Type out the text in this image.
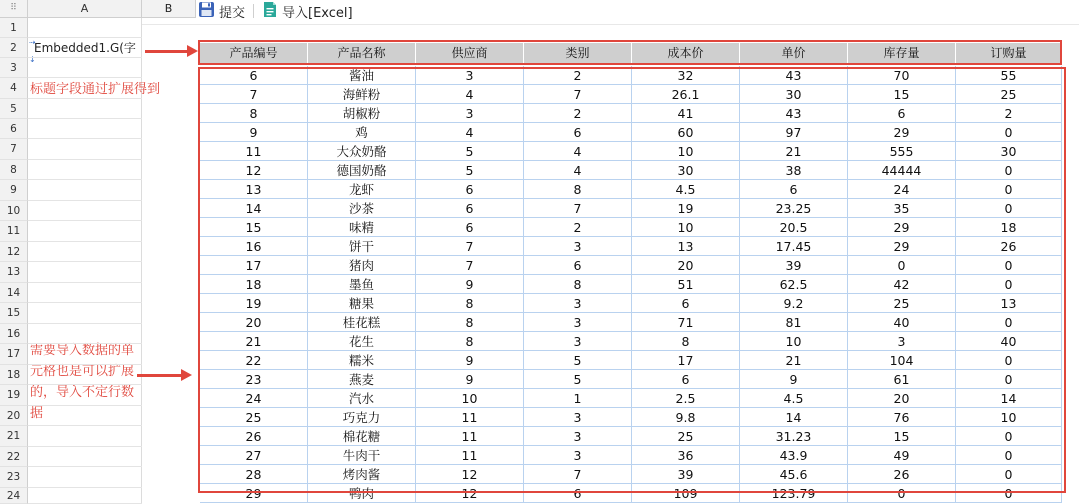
⠿	A
⇢
Embedded1.G(字
↓
标题字段通过扩展得到
需要导入数据的单元格也是可以扩展的，导入不定行数据
B	提交	导入[Excel]
产品编号	产品名称	供应商	类别	成本价	单价	库存量	订购量
6	酱油	3	2	32	43	70	55
7	海鲜粉	4	7	26.1	30	15	25
8	胡椒粉	3	2	41	43	6	2
9	鸡	4	6	60	97	29	0
11	大众奶酪	5	4	10	21	555	30
12	德国奶酪	5	4	30	38	44444	0
13	龙虾	6	8	4.5	6	24	0
14	沙茶	6	7	19	23.25	35	0
15	味精	6	2	10	20.5	29	18
16	饼干	7	3	13	17.45	29	26
17	猪肉	7	6	20	39	0	0
18	墨鱼	9	8	51	62.5	42	0
19	糖果	8	3	6	9.2	25	13
20	桂花糕	8	3	71	81	40	0
21	花生	8	3	8	10	3	40
22	糯米	9	5	17	21	104	0
23	燕麦	9	5	6	9	61	0
24	汽水	10	1	2.5	4.5	20	14
25	巧克力	11	3	9.8	14	76	10
26	棉花糖	11	3	25	31.23	15	0
27	牛肉干	11	3	36	43.9	49	0
28	烤肉酱	12	7	39	45.6	26	0
29	鸭肉	12	6	109	123.79	0	0
1
2
3
4
5
6
7
8
9
10
11
12
13
14
15
16
17
18
19
20
21
22
23
24
